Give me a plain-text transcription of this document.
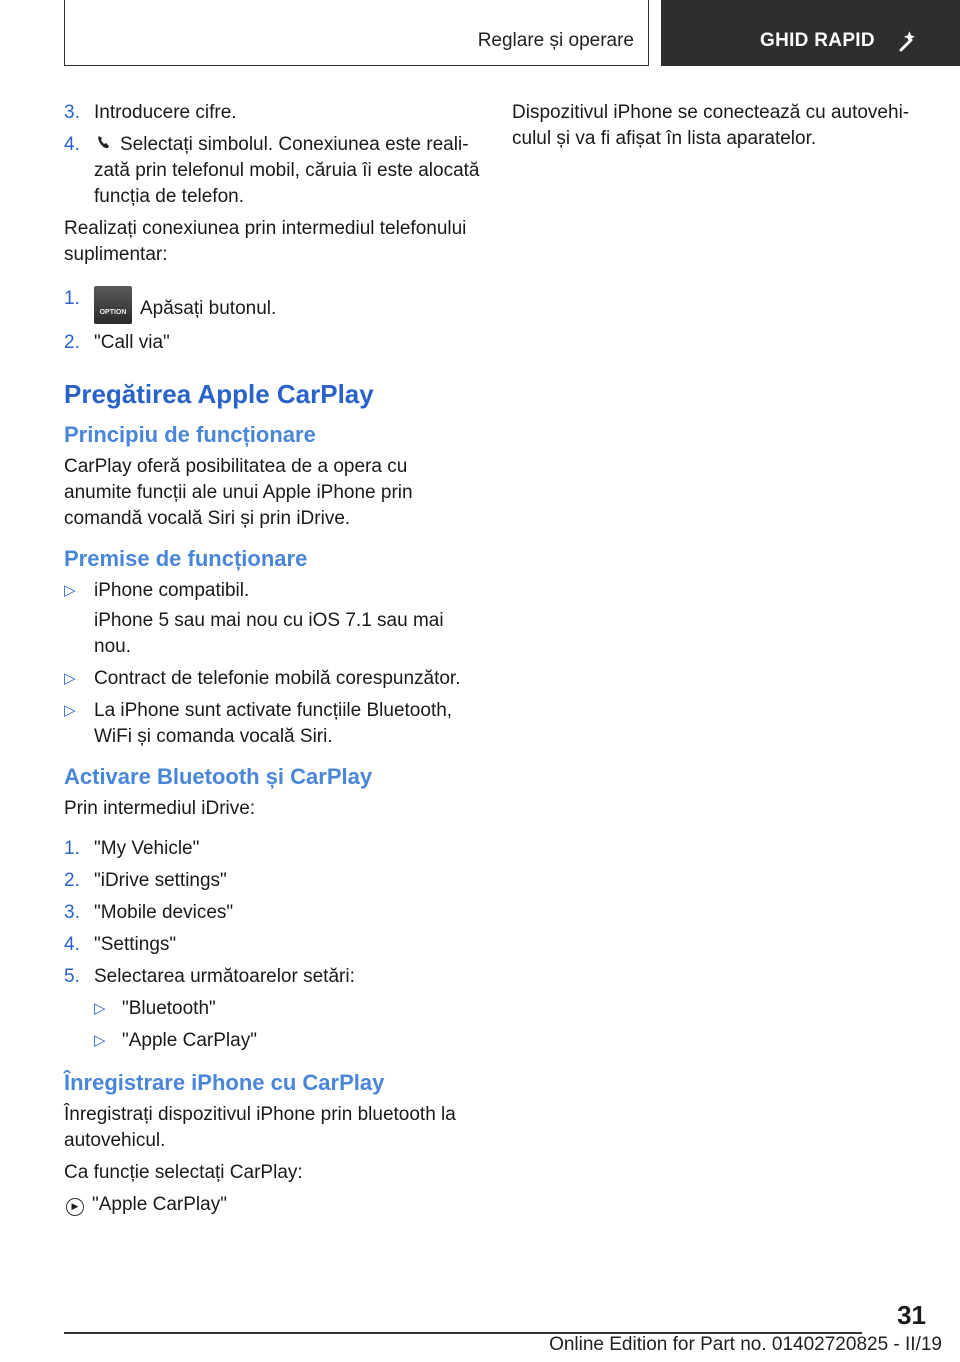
Reglare și operare	GHID RAPID
3. Introducere cifre.
4. Selectați simbolul. Conexiunea este realizată prin telefonul mobil, căruia îi este alocată funcția de telefon.

Realizați conexiunea prin intermediul telefonului suplimentar:

1.
OPTION Apăsați butonul.
2. "Call via"
Pregătirea Apple CarPlay
Principiu de funcționare

CarPlay oferă posibilitatea de a opera cu anumite funcții ale unui Apple iPhone prin comandă vocală Siri și prin iDrive.

Premise de funcționare
▷ iPhone compatibil.
iPhone 5 sau mai nou cu iOS 7.1 sau mai nou.
▷ Contract de telefonie mobilă corespunzător.
▷ La iPhone sunt activate funcțiile Bluetooth, WiFi și comanda vocală Siri.
Activare Bluetooth și CarPlay

Prin intermediul iDrive:

1. "My Vehicle"
2. "iDrive settings"
3. "Mobile devices"
4. "Settings"
5. Selectarea următoarelor setări:
▷ "Bluetooth"
▷ "Apple CarPlay"
Înregistrare iPhone cu CarPlay

Înregistrați dispozitivul iPhone prin bluetooth la autovehicul.

Ca funcție selectați CarPlay:

▶ "Apple CarPlay"

Dispozitivul iPhone se conectează cu autovehiculul și va fi afișat în lista aparatelor.

31
Online Edition for Part no. 01402720825 - II/19
